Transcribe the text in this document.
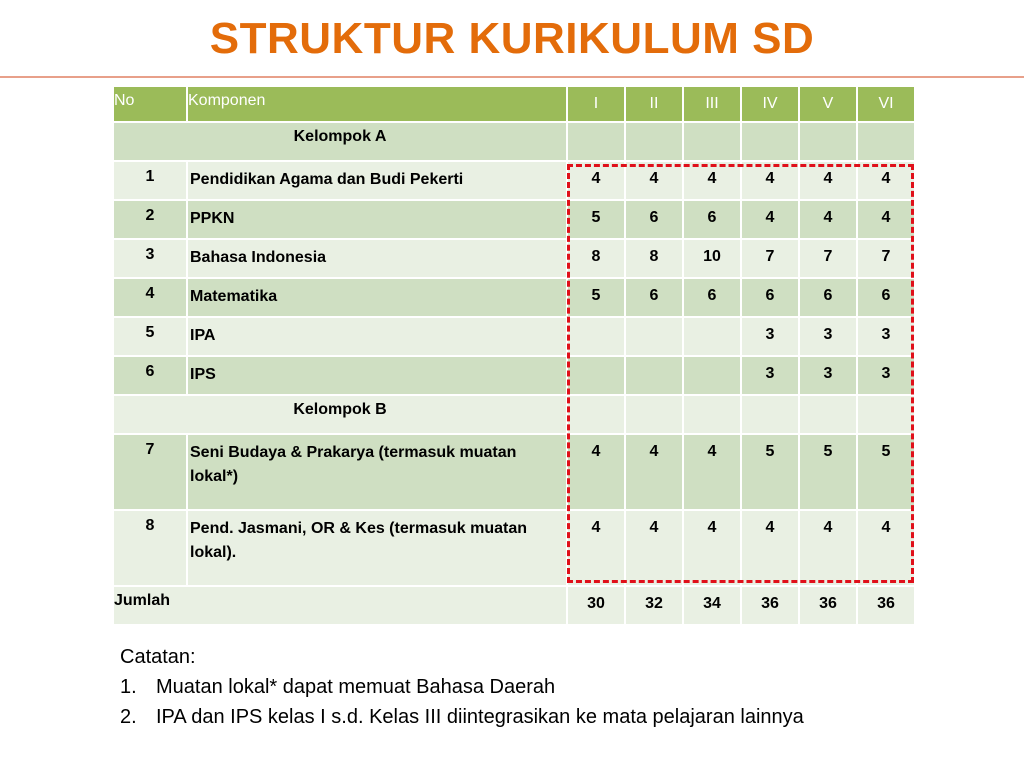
STRUKTUR KURIKULUM SD
No	Komponen	I	II	III	IV	V	VI
Kelompok A							
1	Pendidikan Agama dan Budi Pekerti	4	4	4	4	4	4
2	PPKN	5	6	6	4	4	4
3	Bahasa Indonesia	8	8	10	7	7	7
4	Matematika	5	6	6	6	6	6
5	IPA				3	3	3
6	IPS				3	3	3
Kelompok B							
7	Seni Budaya & Prakarya (termasuk muatan lokal*)	4	4	4	5	5	5
8	Pend. Jasmani, OR & Kes (termasuk muatan lokal).	4	4	4	4	4	4
Jumlah		30	32	34	36	36	36
Catatan:
1. Muatan lokal* dapat memuat Bahasa Daerah
2. IPA dan IPS kelas I s.d. Kelas III diintegrasikan ke mata pelajaran lainnya
